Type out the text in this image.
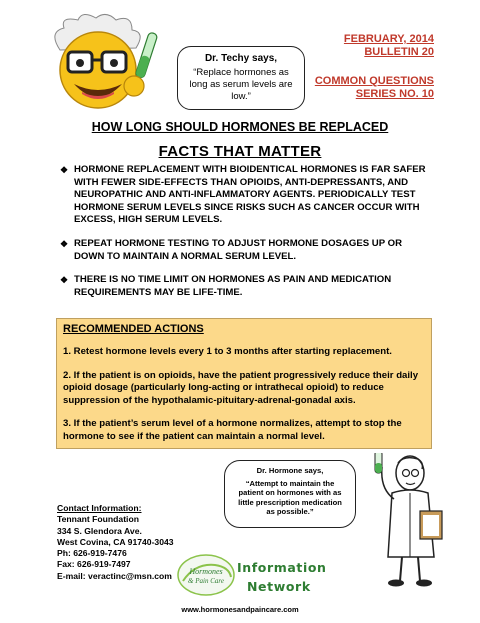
Dr. Techy says,
“Replace hormones as long as serum levels are low.”
FEBRUARY, 2014
BULLETIN 20
COMMON QUESTIONS
SERIES NO. 10
HOW LONG SHOULD HORMONES BE REPLACED
FACTS THAT MATTER
❖ HORMONE REPLACEMENT WITH BIOIDENTICAL HORMONES IS FAR SAFER WITH FEWER SIDE-EFFECTS THAN OPIOIDS, ANTI-DEPRESSANTS, AND NEUROPATHIC AND ANTI-INFLAMMATORY AGENTS. PERIODICALLY TEST HORMONE SERUM LEVELS SINCE RISKS SUCH AS CANCER OCCUR WITH EXCESS, HIGH SERUM LEVELS.
❖ REPEAT HORMONE TESTING TO ADJUST HORMONE DOSAGES UP OR DOWN TO MAINTAIN A NORMAL SERUM LEVEL.
❖ THERE IS NO TIME LIMIT ON HORMONES AS PAIN AND MEDICATION REQUIREMENTS MAY BE LIFE-TIME.
RECOMMENDED ACTIONS
1. Retest hormone levels every 1 to 3 months after starting replacement.
2. If the patient is on opioids, have the patient progressively reduce their daily opioid dosage (particularly long-acting or intrathecal opioid) to reduce suppression of the hypothalamic-pituitary-adrenal-gonadal axis.
3. If the patient’s serum level of a hormone normalizes, attempt to stop the hormone to see if the patient can maintain a normal level.
Contact Information:
Tennant Foundation
334 S. Glendora Ave.
West Covina, CA 91740-3043
Ph: 626-919-7476
Fax: 626-919-7497
E-mail: veractinc@msn.com
Dr. Hormone says,
“Attempt to maintain the patient on hormones with as little prescription medication as possible.”
Hormones
& Pain Care
Information
Network
www.hormonesandpaincare.com
